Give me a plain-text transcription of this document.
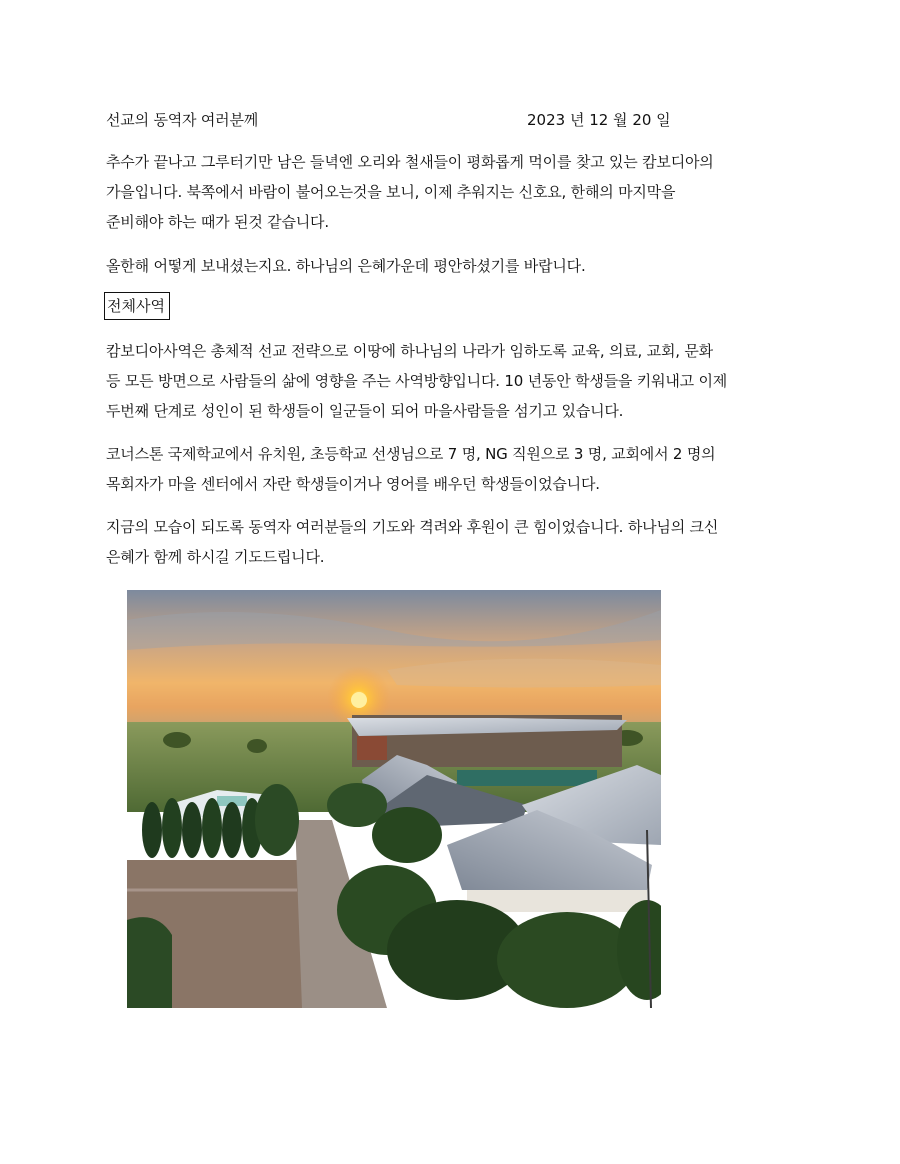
선교의 동역자 여러분께	2023 년 12 월 20 일
추수가 끝나고 그루터기만 남은 들녁엔 오리와 철새들이 평화롭게 먹이를 찾고 있는 캄보디아의
가을입니다. 북쪽에서 바람이 불어오는것을 보니, 이제 추워지는 신호요, 한해의 마지막을
준비해야 하는 때가 된것 같습니다.
올한해 어떻게 보내셨는지요. 하나님의 은혜가운데 평안하셨기를 바랍니다.
전체사역
캄보디아사역은 총체적 선교 전략으로 이땅에 하나님의 나라가 임하도록 교육, 의료, 교회, 문화
등 모든 방면으로 사람들의 삶에 영향을 주는 사역방향입니다. 10 년동안 학생들을 키워내고 이제
두번째 단계로 성인이 된 학생들이 일군들이 되어 마을사람들을 섬기고 있습니다.
코너스톤 국제학교에서 유치원, 초등학교 선생님으로 7 명, NG 직원으로 3 명, 교회에서 2 명의
목회자가 마을 센터에서 자란 학생들이거나 영어를 배우던 학생들이었습니다.
지금의 모습이 되도록 동역자 여러분들의 기도와 격려와 후원이 큰 힘이었습니다. 하나님의 크신
은혜가 함께 하시길 기도드립니다.
